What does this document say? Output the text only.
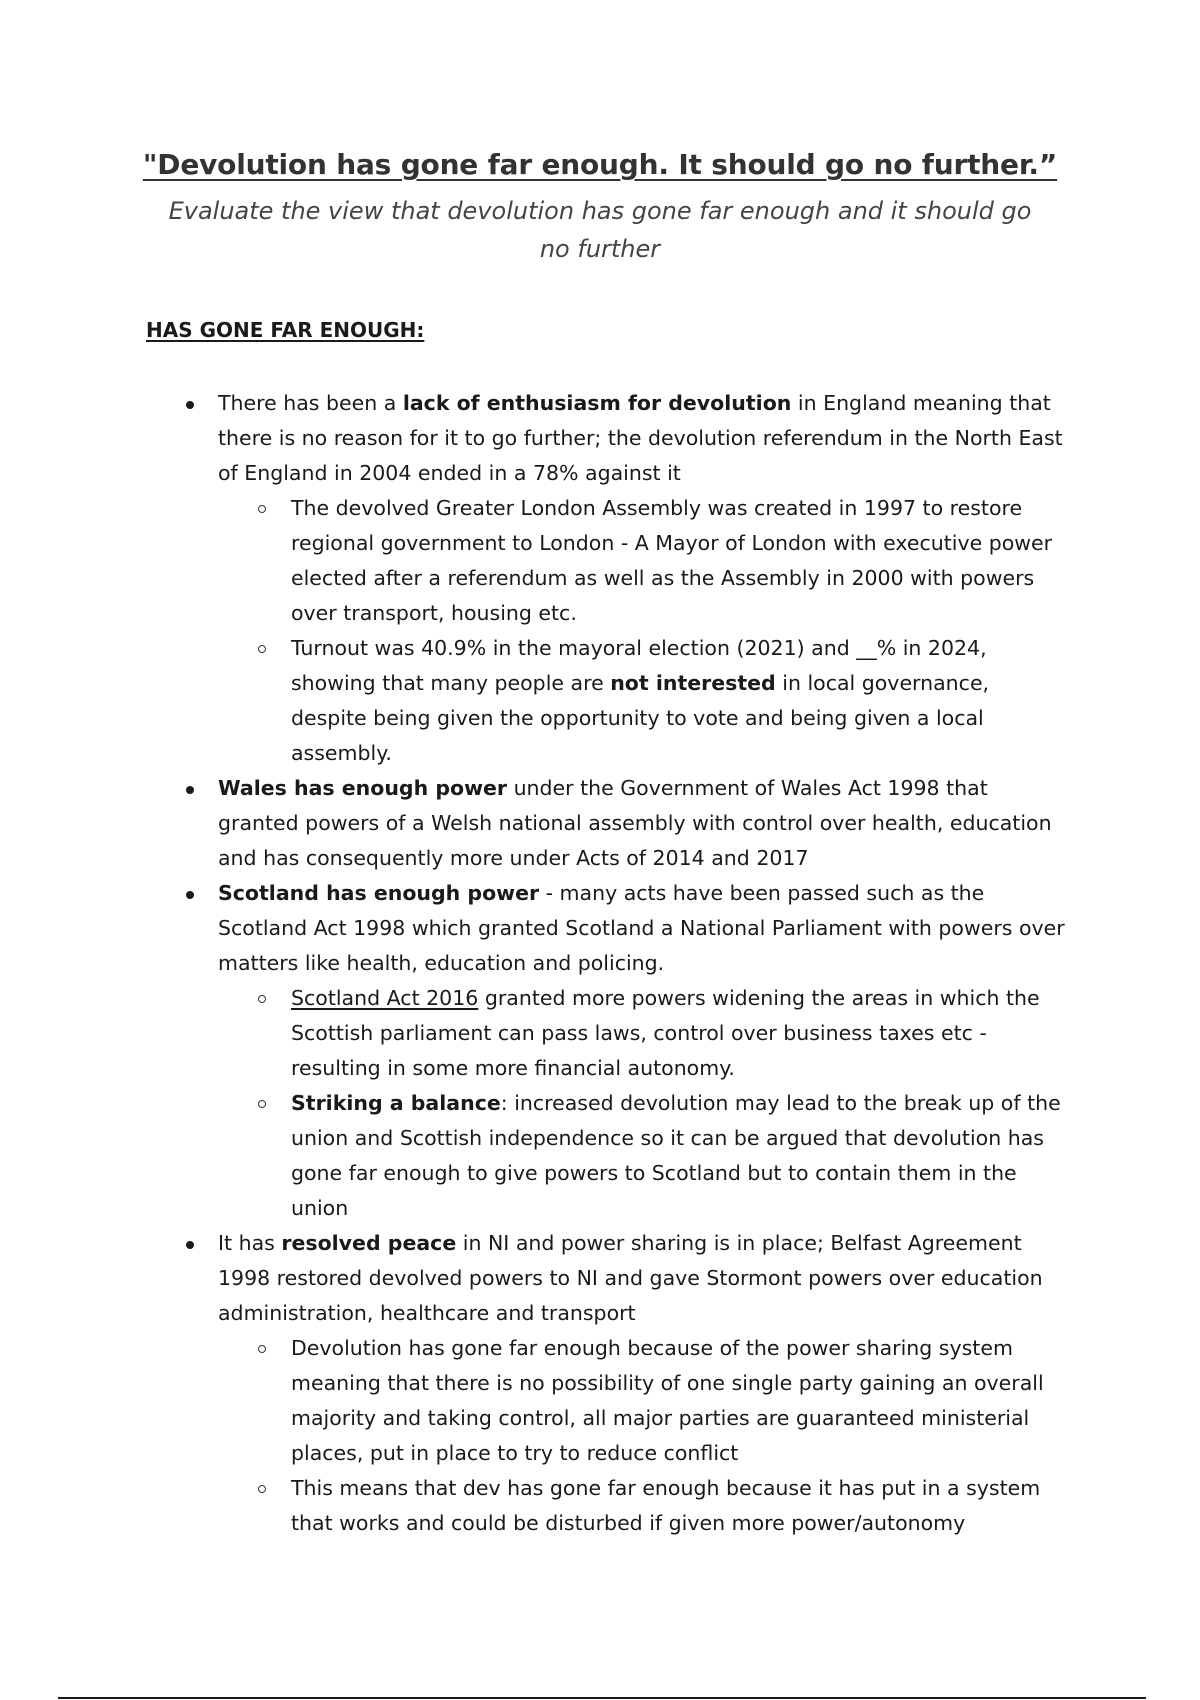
"Devolution has gone far enough. It should go no further.”
Evaluate the view that devolution has gone far enough and it should go no further
HAS GONE FAR ENOUGH:
There has been a lack of enthusiasm for devolution in England meaning that there is no reason for it to go further; the devolution referendum in the North East of England in 2004 ended in a 78% against it
The devolved Greater London Assembly was created in 1997 to restore regional government to London - A Mayor of London with executive power elected after a referendum as well as the Assembly in 2000 with powers over transport, housing etc.
Turnout was 40.9% in the mayoral election (2021) and __% in 2024, showing that many people are not interested in local governance, despite being given the opportunity to vote and being given a local assembly.
Wales has enough power under the Government of Wales Act 1998 that granted powers of a Welsh national assembly with control over health, education and has consequently more under Acts of 2014 and 2017
Scotland has enough power - many acts have been passed such as the Scotland Act 1998 which granted Scotland a National Parliament with powers over matters like health, education and policing.
Scotland Act 2016 granted more powers widening the areas in which the Scottish parliament can pass laws, control over business taxes etc - resulting in some more financial autonomy.
Striking a balance: increased devolution may lead to the break up of the union and Scottish independence so it can be argued that devolution has gone far enough to give powers to Scotland but to contain them in the union
It has resolved peace in NI and power sharing is in place; Belfast Agreement 1998 restored devolved powers to NI and gave Stormont powers over education administration, healthcare and transport
Devolution has gone far enough because of the power sharing system meaning that there is no possibility of one single party gaining an overall majority and taking control, all major parties are guaranteed ministerial places, put in place to try to reduce conflict
This means that dev has gone far enough because it has put in a system that works and could be disturbed if given more power/autonomy
